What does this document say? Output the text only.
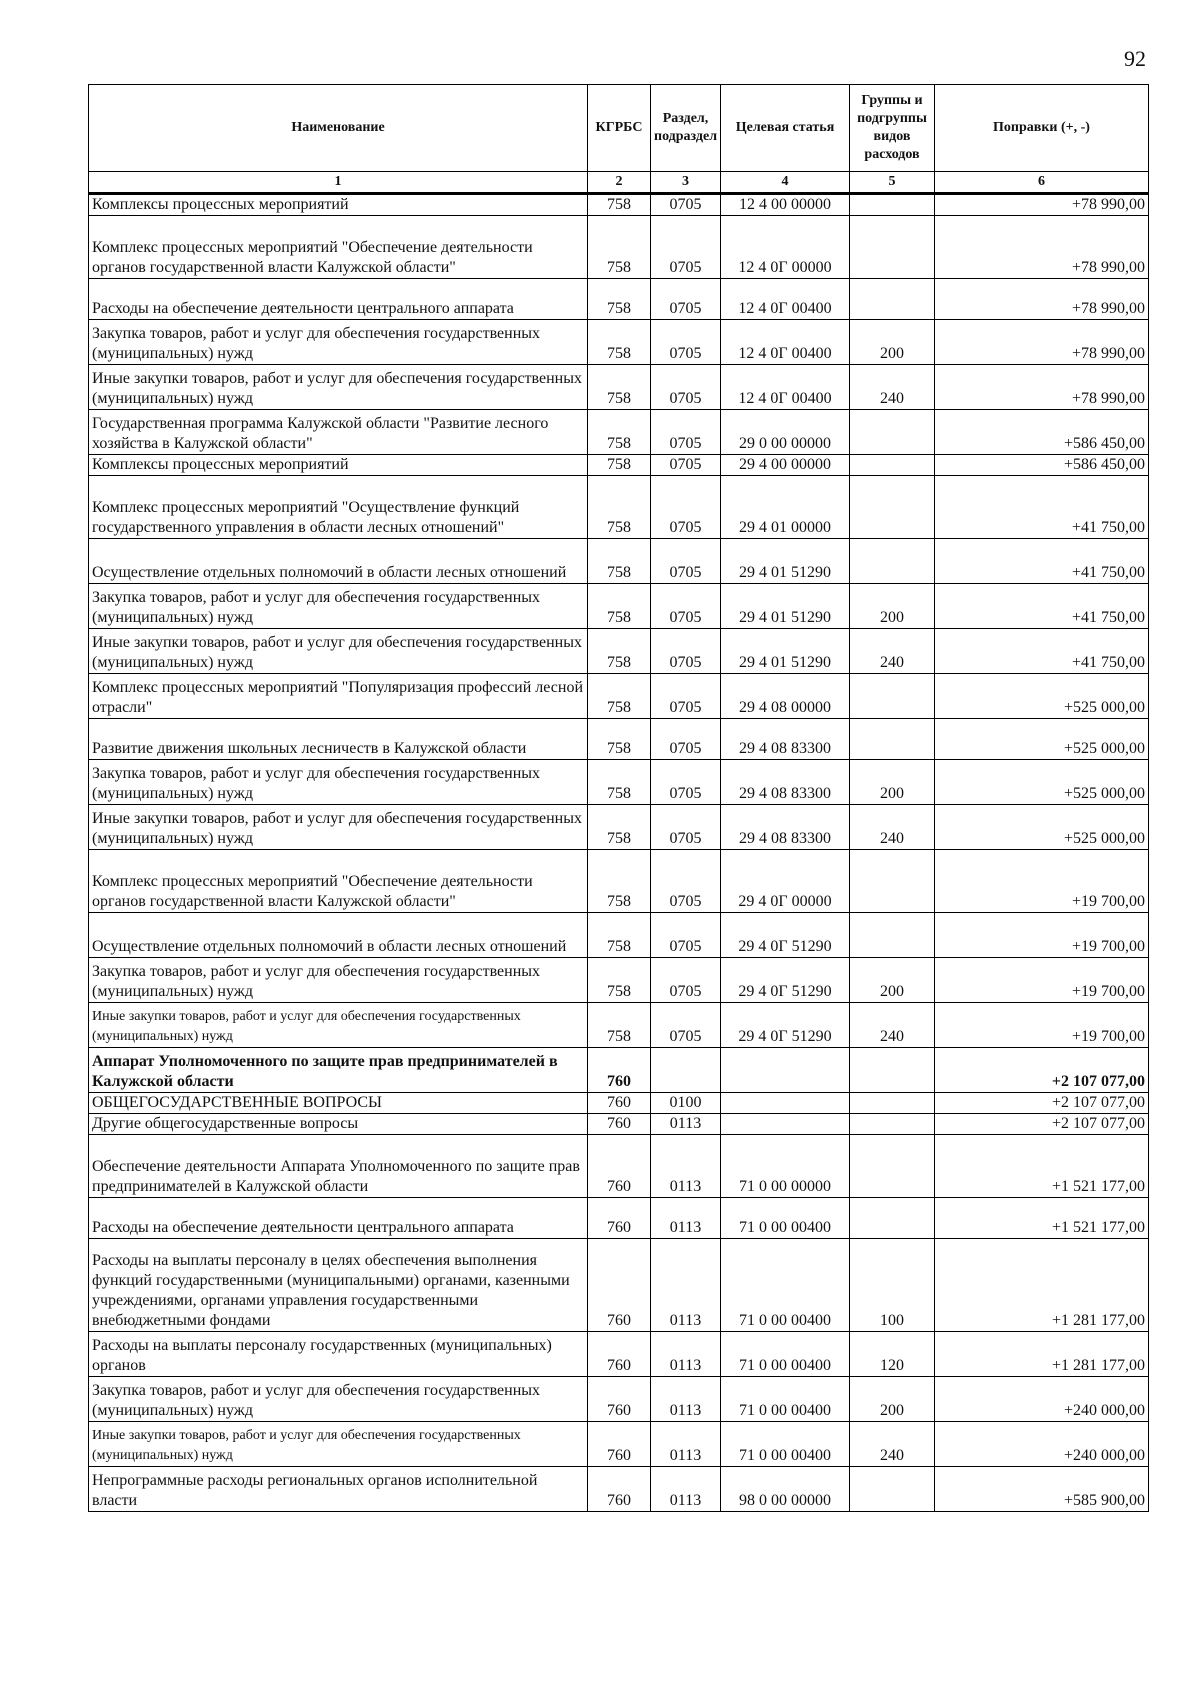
92
Наименование	КГРБС	Раздел, подраздел	Целевая статья	Группы и подгруппы видов расходов	Поправки (+, -)
1	2	3	4	5	6
Комплексы процессных мероприятий	758	0705	12 4 00 00000		+78 990,00
Комплекс процессных мероприятий "Обеспечение деятельности органов государственной власти Калужской области"	758	0705	12 4 0Г 00000		+78 990,00
Расходы на обеспечение деятельности центрального аппарата	758	0705	12 4 0Г 00400		+78 990,00
Закупка товаров, работ и услуг для обеспечения государственных (муниципальных) нужд	758	0705	12 4 0Г 00400	200	+78 990,00
Иные закупки товаров, работ и услуг для обеспечения государственных (муниципальных) нужд	758	0705	12 4 0Г 00400	240	+78 990,00
Государственная программа Калужской области "Развитие лесного хозяйства в Калужской области"	758	0705	29 0 00 00000		+586 450,00
Комплексы процессных мероприятий	758	0705	29 4 00 00000		+586 450,00
Комплекс процессных мероприятий "Осуществление функций государственного управления в области лесных отношений"	758	0705	29 4 01 00000		+41 750,00
Осуществление отдельных полномочий в области лесных отношений	758	0705	29 4 01 51290		+41 750,00
Закупка товаров, работ и услуг для обеспечения государственных (муниципальных) нужд	758	0705	29 4 01 51290	200	+41 750,00
Иные закупки товаров, работ и услуг для обеспечения государственных (муниципальных) нужд	758	0705	29 4 01 51290	240	+41 750,00
Комплекс процессных мероприятий "Популяризация профессий лесной отрасли"	758	0705	29 4 08 00000		+525 000,00
Развитие движения школьных лесничеств в Калужской области	758	0705	29 4 08 83300		+525 000,00
Закупка товаров, работ и услуг для обеспечения государственных (муниципальных) нужд	758	0705	29 4 08 83300	200	+525 000,00
Иные закупки товаров, работ и услуг для обеспечения государственных (муниципальных) нужд	758	0705	29 4 08 83300	240	+525 000,00
Комплекс процессных мероприятий "Обеспечение деятельности органов государственной власти Калужской области"	758	0705	29 4 0Г 00000		+19 700,00
Осуществление отдельных полномочий в области лесных отношений	758	0705	29 4 0Г 51290		+19 700,00
Закупка товаров, работ и услуг для обеспечения государственных (муниципальных) нужд	758	0705	29 4 0Г 51290	200	+19 700,00
Иные закупки товаров, работ и услуг для обеспечения государственных (муниципальных) нужд	758	0705	29 4 0Г 51290	240	+19 700,00
Аппарат Уполномоченного по защите прав предпринимателей в Калужской области	760				+2 107 077,00
ОБЩЕГОСУДАРСТВЕННЫЕ ВОПРОСЫ	760	0100			+2 107 077,00
Другие общегосударственные вопросы	760	0113			+2 107 077,00
Обеспечение деятельности Аппарата Уполномоченного по защите прав предпринимателей в Калужской области	760	0113	71 0 00 00000		+1 521 177,00
Расходы на обеспечение деятельности центрального аппарата	760	0113	71 0 00 00400		+1 521 177,00
Расходы на выплаты персоналу в целях обеспечения выполнения функций государственными (муниципальными) органами, казенными учреждениями, органами управления государственными внебюджетными фондами	760	0113	71 0 00 00400	100	+1 281 177,00
Расходы на выплаты персоналу государственных (муниципальных) органов	760	0113	71 0 00 00400	120	+1 281 177,00
Закупка товаров, работ и услуг для обеспечения государственных (муниципальных) нужд	760	0113	71 0 00 00400	200	+240 000,00
Иные закупки товаров, работ и услуг для обеспечения государственных (муниципальных) нужд	760	0113	71 0 00 00400	240	+240 000,00
Непрограммные расходы региональных органов исполнительной власти	760	0113	98 0 00 00000		+585 900,00
